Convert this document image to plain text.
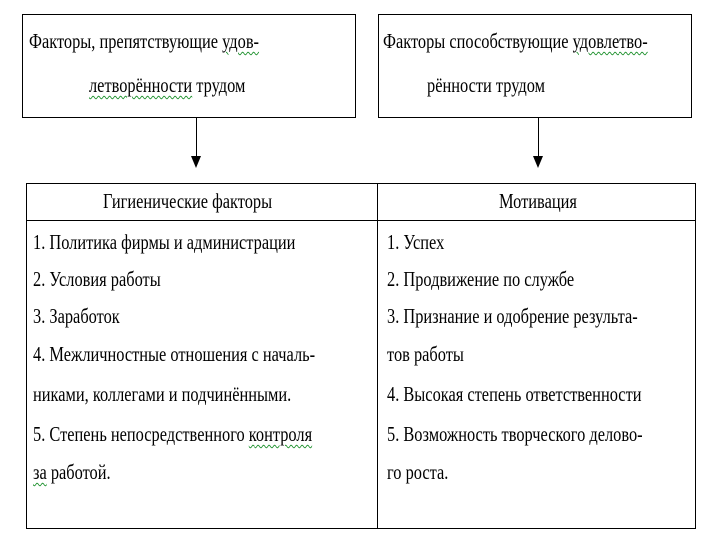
Факторы, препятствующие удов-
летворённости трудом
Факторы способствующие удовлетво-
рённости трудом
Гигиенические факторы	Мотивация
1. Политика фирмы и администрации
2. Условия работы
3. Заработок
4. Межличностные отношения с началь-
никами, коллегами и подчинёнными.
5. Степень непосредственного контроля
за работой.
1. Успех
2. Продвижение по службе
3. Признание и одобрение результа-
тов работы
4. Высокая степень ответственности
5. Возможность творческого делово-
го роста.
